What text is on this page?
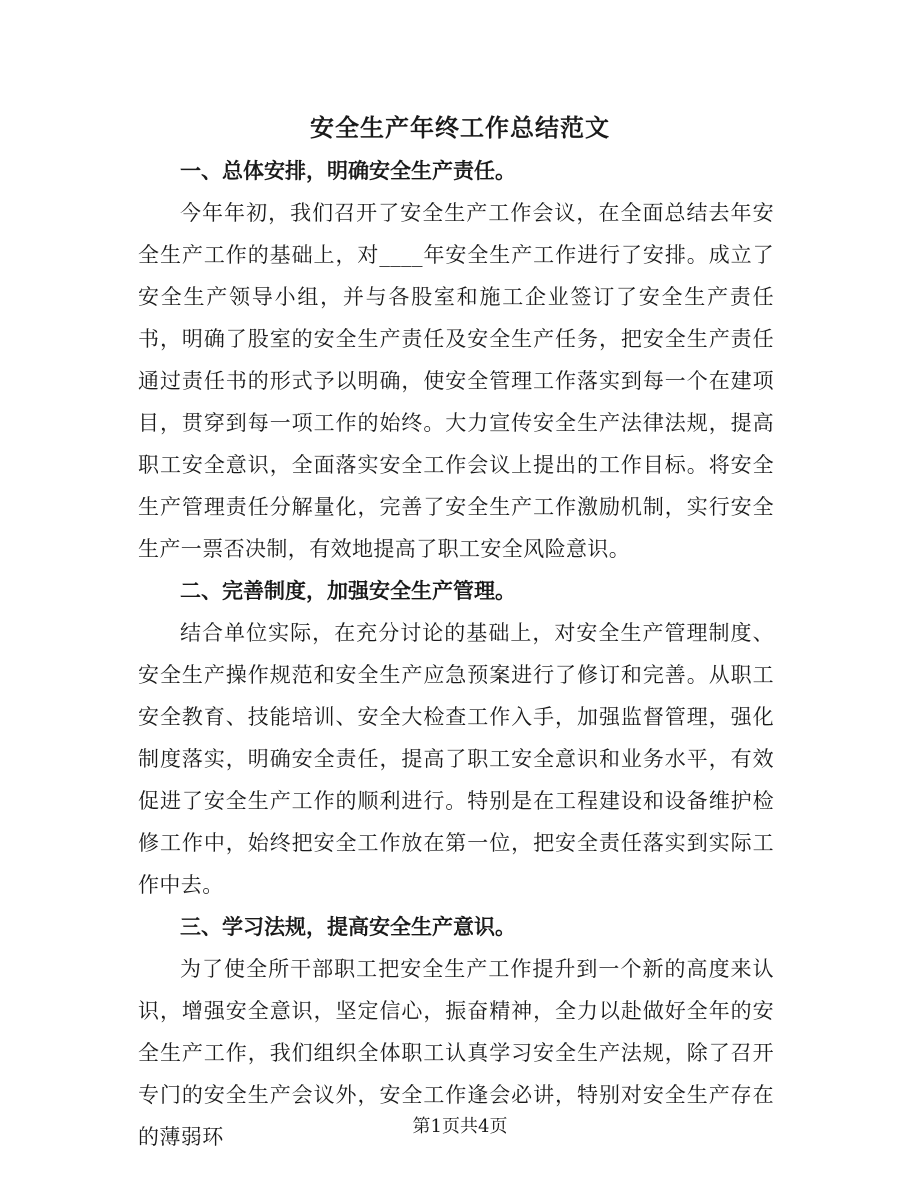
安全生产年终工作总结范文

一、总体安排，明确安全生产责任。

今年年初，我们召开了安全生产工作会议，在全面总结去年安全生产工作的基础上，对____年安全生产工作进行了安排。成立了安全生产领导小组，并与各股室和施工企业签订了安全生产责任书，明确了股室的安全生产责任及安全生产任务，把安全生产责任通过责任书的形式予以明确，使安全管理工作落实到每一个在建项目，贯穿到每一项工作的始终。大力宣传安全生产法律法规，提高职工安全意识，全面落实安全工作会议上提出的工作目标。将安全生产管理责任分解量化，完善了安全生产工作激励机制，实行安全生产一票否决制，有效地提高了职工安全风险意识。

二、完善制度，加强安全生产管理。

结合单位实际，在充分讨论的基础上，对安全生产管理制度、安全生产操作规范和安全生产应急预案进行了修订和完善。从职工安全教育、技能培训、安全大检查工作入手，加强监督管理，强化制度落实，明确安全责任，提高了职工安全意识和业务水平，有效促进了安全生产工作的顺利进行。特别是在工程建设和设备维护检修工作中，始终把安全工作放在第一位，把安全责任落实到实际工作中去。

三、学习法规，提高安全生产意识。

为了使全所干部职工把安全生产工作提升到一个新的高度来认识，增强安全意识，坚定信心，振奋精神，全力以赴做好全年的安全生产工作，我们组织全体职工认真学习安全生产法规，除了召开专门的安全生产会议外，安全工作逢会必讲，特别对安全生产存在的薄弱环	第1页共4页
